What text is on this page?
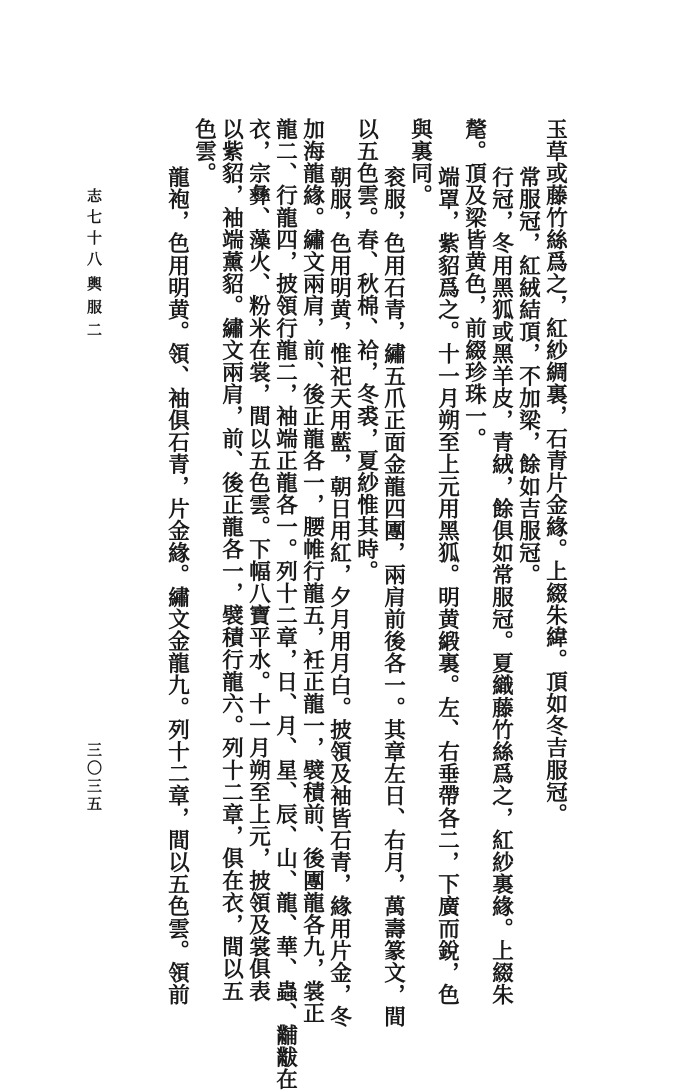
玉草或藤竹絲爲之，紅紗綢裏，石青片金緣。上綴朱緯。頂如冬吉服冠。
常服冠，紅絨結頂，不加梁，餘如吉服冠。
行冠，冬用黑狐或黑羊皮，青絨，餘俱如常服冠。夏織藤竹絲爲之，紅紗裏緣。上綴朱
氂。頂及梁皆黄色，前綴珍珠一。
端罩，紫貂爲之。十一月朔至上元用黑狐。明黄緞裏。左、右垂帶各二，下廣而銳，色
與裏同。
衮服，色用石青，繡五爪正面金龍四團，兩肩前後各一。其章左日、右月，萬壽篆文，間
以五色雲。春、秋棉、袷，冬裘，夏紗惟其時。
朝服，色用明黄，惟祀天用藍，朝日用紅，夕月用月白。披領及袖皆石青，緣用片金，冬
加海龍緣。繡文兩肩，前、後正龍各一，腰帷行龍五，衽正龍一，襞積前、後團龍各九，裳正
龍二、行龍四，披領行龍二，袖端正龍各一。列十二章，日、月、星、辰、山、龍、華、蟲、黼黻在
衣，宗彝、藻火、粉米在裳，間以五色雲。下幅八寶平水。十一月朔至上元，披領及裳俱表
以紫貂，袖端薰貂。繡文兩肩，前、後正龍各一，襞積行龍六。列十二章，俱在衣，間以五
色雲。
龍袍，色用明黄。領、袖俱石青，片金緣。繡文金龍九。列十二章，間以五色雲。領前
志七十八
輿服二
三〇三五
